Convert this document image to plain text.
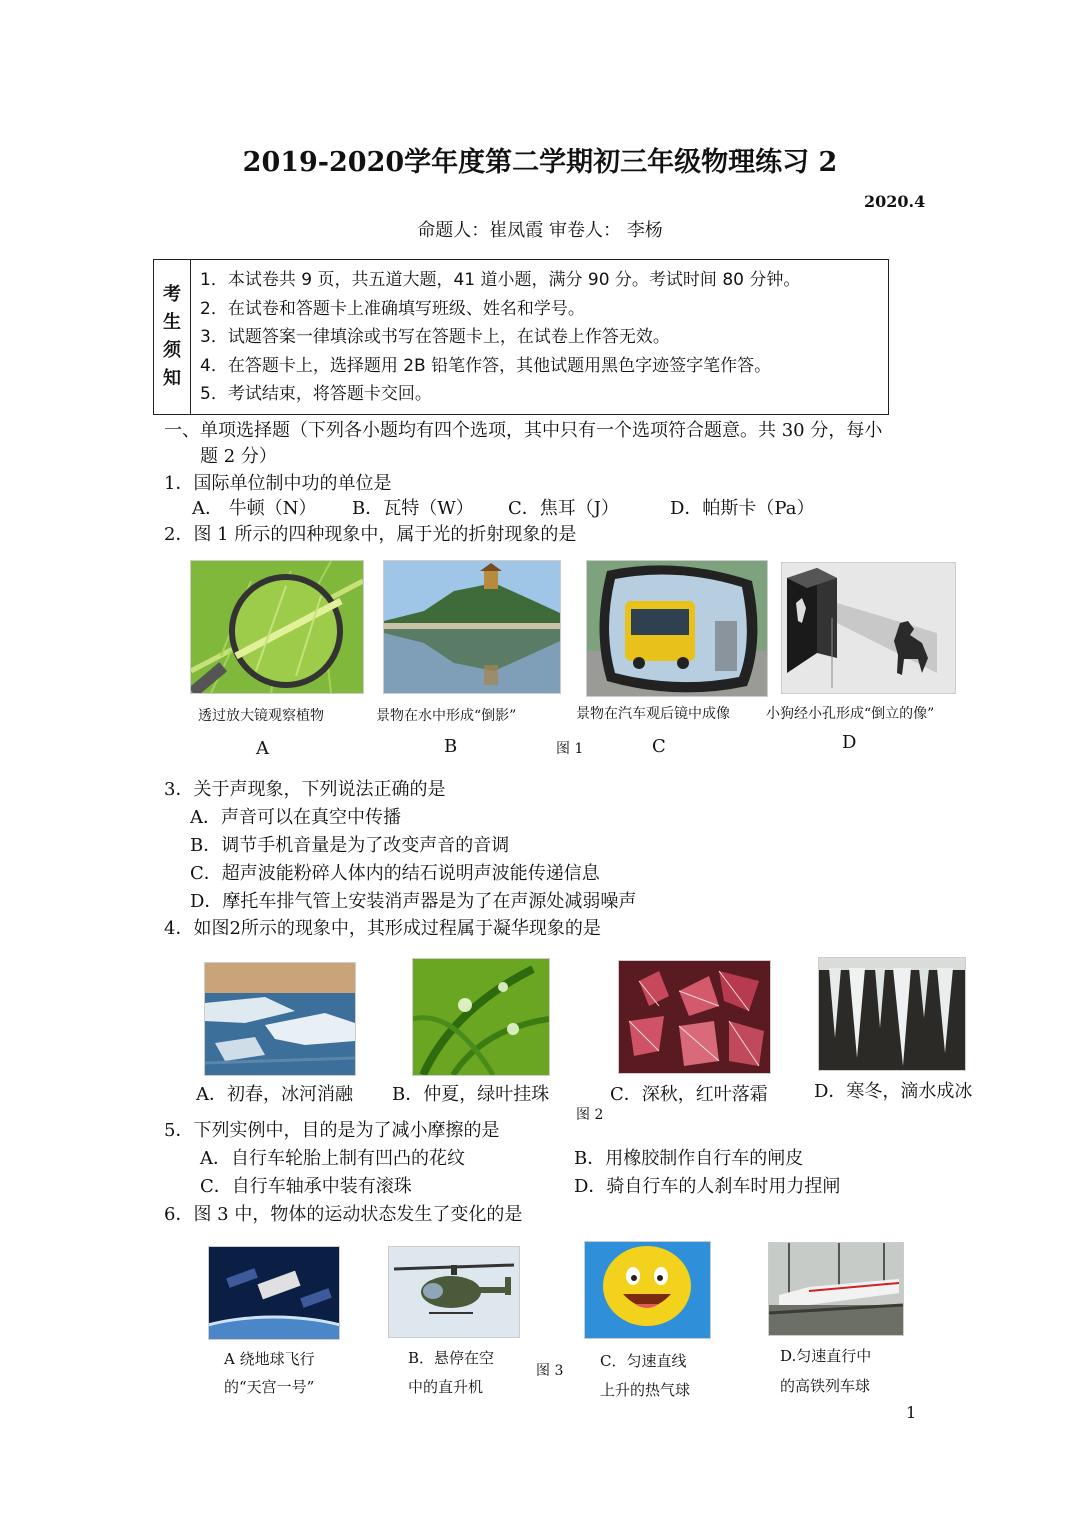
2019-2020学年度第二学期初三年级物理练习 2
2020.4
命题人：崔凤霞 审卷人： 李杨
考
生
须
知
1．本试卷共 9 页，共五道大题，41 道小题，满分 90 分。考试时间 80 分钟。
2．在试卷和答题卡上准确填写班级、姓名和学号。
3．试题答案一律填涂或书写在答题卡上，在试卷上作答无效。
4．在答题卡上，选择题用 2B 铅笔作答，其他试题用黑色字迹签字笔作答。
5．考试结束，将答题卡交回。
一、单项选择题（下列各小题均有四个选项，其中只有一个选项符合题意。共 30 分，每小
题 2 分）
1．国际单位制中功的单位是
A． 牛顿（N） B．瓦特（W） C．焦耳（J）	D．帕斯卡（Pa）
2．图 1 所示的四种现象中，属于光的折射现象的是
透过放大镜观察植物	景物在水中形成“倒影”	景物在汽车观后镜中成像	小狗经小孔形成“倒立的像”
A	B	图 1	C	D
3．关于声现象，下列说法正确的是
A．声音可以在真空中传播
B．调节手机音量是为了改变声音的音调
C．超声波能粉碎人体内的结石说明声波能传递信息
D．摩托车排气管上安装消声器是为了在声源处减弱噪声
4．如图2所示的现象中，其形成过程属于凝华现象的是
A．初春，冰河消融 B．仲夏，绿叶挂珠	C．深秋，红叶落霜	D．寒冬，滴水成冰
图 2
5．下列实例中，目的是为了减小摩擦的是
A．自行车轮胎上制有凹凸的花纹	B．用橡胶制作自行车的闸皮
C．自行车轴承中装有滚珠	D．骑自行车的人刹车时用力捏闸
6．图 3 中，物体的运动状态发生了变化的是
A 绕地球飞行
的“天宫一号”
B．悬停在空
中的直升机
图 3
C．匀速直线
上升的热气球
D.匀速直行中
的高铁列车球
1
